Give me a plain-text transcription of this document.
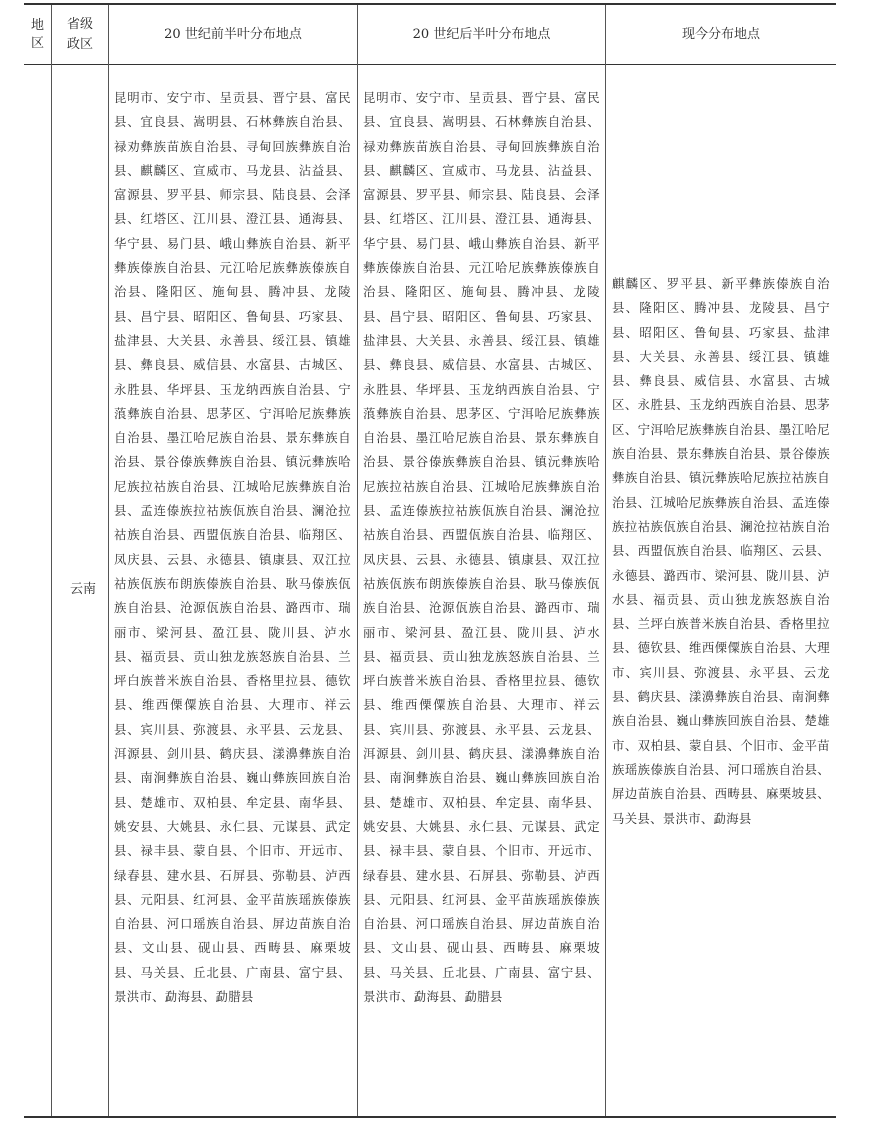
地区
省级政区
20 世纪前半叶分布地点	20 世纪后半叶分布地点	现今分布地点
云南
昆明市、安宁市、呈贡县、晋宁县、富民县、宜良县、嵩明县、石林彝族自治县、禄劝彝族苗族自治县、寻甸回族彝族自治县、麒麟区、宣威市、马龙县、沾益县、富源县、罗平县、师宗县、陆良县、会泽县、红塔区、江川县、澄江县、通海县、华宁县、易门县、峨山彝族自治县、新平彝族傣族自治县、元江哈尼族彝族傣族自治县、隆阳区、施甸县、腾冲县、龙陵县、昌宁县、昭阳区、鲁甸县、巧家县、盐津县、大关县、永善县、绥江县、镇雄县、彝良县、威信县、水富县、古城区、永胜县、华坪县、玉龙纳西族自治县、宁蒗彝族自治县、思茅区、宁洱哈尼族彝族自治县、墨江哈尼族自治县、景东彝族自治县、景谷傣族彝族自治县、镇沅彝族哈尼族拉祜族自治县、江城哈尼族彝族自治县、孟连傣族拉祜族佤族自治县、澜沧拉祜族自治县、西盟佤族自治县、临翔区、凤庆县、云县、永德县、镇康县、双江拉祜族佤族布朗族傣族自治县、耿马傣族佤族自治县、沧源佤族自治县、潞西市、瑞丽市、梁河县、盈江县、陇川县、泸水县、福贡县、贡山独龙族怒族自治县、兰坪白族普米族自治县、香格里拉县、德钦县、维西傈僳族自治县、大理市、祥云县、宾川县、弥渡县、永平县、云龙县、洱源县、剑川县、鹤庆县、漾濞彝族自治县、南涧彝族自治县、巍山彝族回族自治县、楚雄市、双柏县、牟定县、南华县、姚安县、大姚县、永仁县、元谋县、武定县、禄丰县、蒙自县、个旧市、开远市、绿春县、建水县、石屏县、弥勒县、泸西县、元阳县、红河县、金平苗族瑶族傣族自治县、河口瑶族自治县、屏边苗族自治县、文山县、砚山县、西畴县、麻栗坡县、马关县、丘北县、广南县、富宁县、景洪市、勐海县、勐腊县
昆明市、安宁市、呈贡县、晋宁县、富民县、宜良县、嵩明县、石林彝族自治县、禄劝彝族苗族自治县、寻甸回族彝族自治县、麒麟区、宣威市、马龙县、沾益县、富源县、罗平县、师宗县、陆良县、会泽县、红塔区、江川县、澄江县、通海县、华宁县、易门县、峨山彝族自治县、新平彝族傣族自治县、元江哈尼族彝族傣族自治县、隆阳区、施甸县、腾冲县、龙陵县、昌宁县、昭阳区、鲁甸县、巧家县、盐津县、大关县、永善县、绥江县、镇雄县、彝良县、威信县、水富县、古城区、永胜县、华坪县、玉龙纳西族自治县、宁蒗彝族自治县、思茅区、宁洱哈尼族彝族自治县、墨江哈尼族自治县、景东彝族自治县、景谷傣族彝族自治县、镇沅彝族哈尼族拉祜族自治县、江城哈尼族彝族自治县、孟连傣族拉祜族佤族自治县、澜沧拉祜族自治县、西盟佤族自治县、临翔区、凤庆县、云县、永德县、镇康县、双江拉祜族佤族布朗族傣族自治县、耿马傣族佤族自治县、沧源佤族自治县、潞西市、瑞丽市、梁河县、盈江县、陇川县、泸水县、福贡县、贡山独龙族怒族自治县、兰坪白族普米族自治县、香格里拉县、德钦县、维西傈僳族自治县、大理市、祥云县、宾川县、弥渡县、永平县、云龙县、洱源县、剑川县、鹤庆县、漾濞彝族自治县、南涧彝族自治县、巍山彝族回族自治县、楚雄市、双柏县、牟定县、南华县、姚安县、大姚县、永仁县、元谋县、武定县、禄丰县、蒙自县、个旧市、开远市、绿春县、建水县、石屏县、弥勒县、泸西县、元阳县、红河县、金平苗族瑶族傣族自治县、河口瑶族自治县、屏边苗族自治县、文山县、砚山县、西畴县、麻栗坡县、马关县、丘北县、广南县、富宁县、景洪市、勐海县、勐腊县
麒麟区、罗平县、新平彝族傣族自治县、隆阳区、腾冲县、龙陵县、昌宁县、昭阳区、鲁甸县、巧家县、盐津县、大关县、永善县、绥江县、镇雄县、彝良县、威信县、水富县、古城区、永胜县、玉龙纳西族自治县、思茅区、宁洱哈尼族彝族自治县、墨江哈尼族自治县、景东彝族自治县、景谷傣族彝族自治县、镇沅彝族哈尼族拉祜族自治县、江城哈尼族彝族自治县、孟连傣族拉祜族佤族自治县、澜沧拉祜族自治县、西盟佤族自治县、临翔区、云县、永德县、潞西市、梁河县、陇川县、泸水县、福贡县、贡山独龙族怒族自治县、兰坪白族普米族自治县、香格里拉县、德钦县、维西傈僳族自治县、大理市、宾川县、弥渡县、永平县、云龙县、鹤庆县、漾濞彝族自治县、南涧彝族自治县、巍山彝族回族自治县、楚雄市、双柏县、蒙自县、个旧市、金平苗族瑶族傣族自治县、河口瑶族自治县、屏边苗族自治县、西畴县、麻栗坡县、马关县、景洪市、勐海县
